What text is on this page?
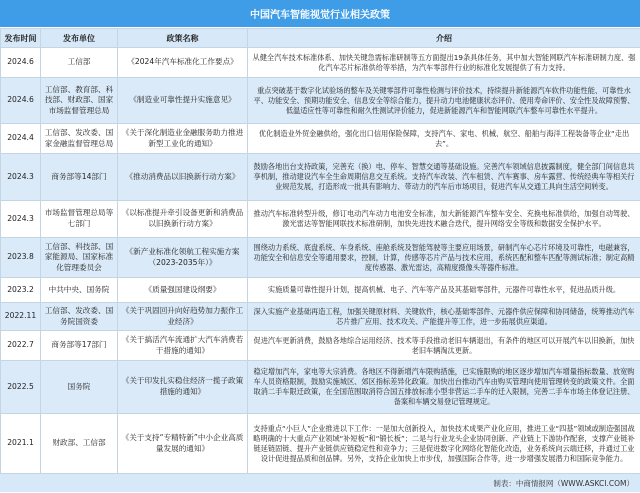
中国汽车智能视觉行业相关政策
发布时间	发布单位	政策名称	介绍
2024.6	工信部	《2024年汽车标准化工作要点》	从健全汽车技术标准体系、加快关键急需标准研制等五方面提出19条具体任务，其中加大智能网联汽车标准研制力度、强化汽车芯片标准供给等举措，为汽车零部件行业的标准化发展提供了有力支持。
2024.6	工信部、教育部、科技部、财政部、国家市场监督管理总局	《制造业可靠性提升实施意见》	重点突破基于数字化试验场的整车及关键零部件可靠性检测与评价技术，持续提升新能源汽车软件功能性能、可靠性水平、功能安全、预期功能安全、信息安全等综合能力，提升动力电池健康状态评价、使用寿命评价、安全性及故障预警、低温适应性等可靠性和耐久性测试评价能力，促进新能源汽车和智能网联汽车整车可靠性水平提升。
2024.4	工信部、发改委、国家金融监督管理总局	《关于深化制造业金融服务助力推进新型工业化的通知》	优化制造业外贸金融供给，强化出口信用保险保障，支持汽车、家电、机械、航空、船舶与海洋工程装备等企业“走出去”。
2024.3	商务部等14部门	《推动消费品以旧换新行动方案》	鼓励各地出台支持政策，完善充（换）电、停车、智慧交通等基础设施。完善汽车领域信息披露制度，健全部门间信息共享机制，推动建设汽车全生命周期信息交互系统。支持汽车改装、汽车租赁、汽车赛事、房车露营、传统经典车等相关行业规范发展，打造形成一批具有影响力、带动力的汽车后市场项目，促进汽车从交通工具向生活空间转变。
2024.3	市场监督管理总局等七部门	《以标准提升牵引设备更新和消费品以旧换新行动方案》	推动汽车标准转型升级，修订电动汽车动力电池安全标准，加大新能源汽车整车安全、充换电标准供给，加强自动驾驶、激光雷达等智能网联技术标准研制，加快先进技术融合迭代，提升网络安全等级和数据安全保护水平。
2023.8	工信部、科技部、国家能源局、国家标准化管理委员会	《新产业标准化领航工程实施方案（2023-2035年）》	围绕动力系统、底盘系统、车身系统、座舱系统及智能驾驶等主要应用场景，研制汽车心芯片环境及可靠性，电磁兼容，功能安全和信息安全等通用要求，控制，计算，传感等芯片产品与技术应用，系统匹配和整车匹配等测试标准；制定高精度传感器、激光雷达，高精度摄像头等器件标准。
2023.2	中共中央、国务院	《质量强国建设纲要》	实施质量可靠性提升计划，提高机械、电子、汽车等产品及其基础零部件，元器件可靠性水平，促进品质升级。
2022.11	工信部、发改委、国务院国资委	《关于巩固回升向好趋势加力振作工业经济》	深入实施产业基础再造工程，加强关键原材料、关键软件，核心基础零部件、元器件供应保障和协同储备，统筹推动汽车芯片推广应用、技术攻关、产能提升等工作，进一步拓展供应渠道。
2022.7	商务部等17部门	《关于搞活汽车流通扩大汽车消费若干措施的通知》	促进汽车更新消费，鼓励各地综合运用经济、技术等手段推动老旧车辆退出，有条件的地区可以开展汽车以旧换新，加快老旧车辆淘汰更新。
2022.5	国务院	《关于印发扎实稳住经济一揽子政策措施的通知》	稳定增加汽车，家电等大宗消费。各地区不得新增汽车限购措施，已实施限购的地区逐步增加汽车增量指标数量、放宽购车人员资格限制，鼓励实施城区、郊区指标差异化政策。加快出台推动汽车由购买管理向使用管理转变的政策文件。全面取消二手车限迁政策，在全国范围取消符合国五排放标准小型非营运二手车的迁入限制，完善二手车市场主体登记注册、备案和车辆交易登记管理规定。
2021.1	财政部、工信部	《关于支持“专精特新”中小企业高质量发展的通知》	支持重点“小巨人”企业推进以下工作：一是加大创新投入，加快技术成果产业化应用，推进工业“四基”领域或制造强国战略明确的十大重点产业领域“补短板”和“锻长板”；二是与行业龙头企业协同创新、产业链上下游协作配套，支撑产业链补链延链固链、提升产业链供应链稳定性和竞争力；三是促进数字化网络化智能化改造，业务系统向云端迁移，并通过工业设计促进提品质和创品牌。另外，支持企业加快上市步伐，加强国际合作等，进一步增强发展潜力和国际竞争能力。
制表：中商情报网（WWW.ASKCI.COM）
